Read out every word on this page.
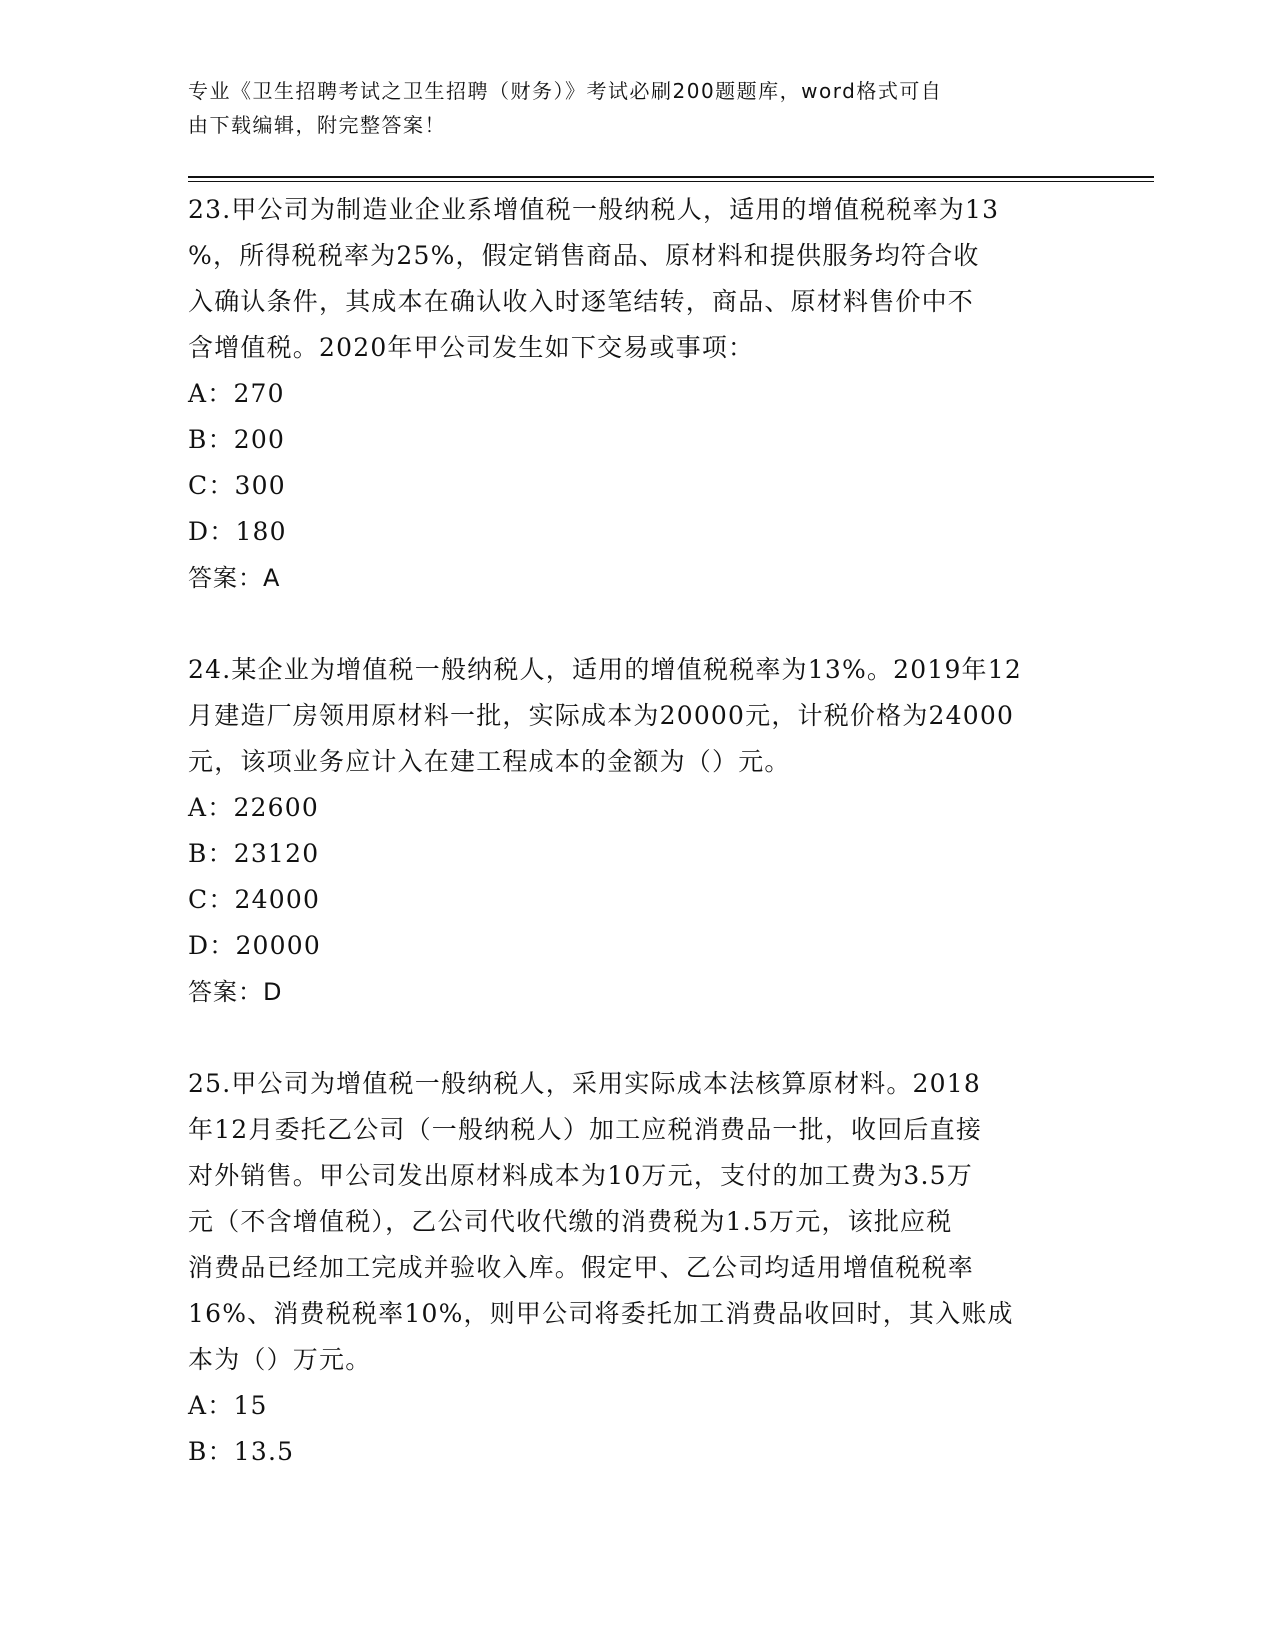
专业《卫生招聘考试之卫生招聘（财务）》考试必刷200题题库，word格式可自
由下载编辑，附完整答案！
23.甲公司为制造业企业系增值税一般纳税人，适用的增值税税率为13
%，所得税税率为25%，假定销售商品、原材料和提供服务均符合收
入确认条件，其成本在确认收入时逐笔结转，商品、原材料售价中不
含增值税。2020年甲公司发生如下交易或事项：
A：270
B：200
C：300
D：180
答案：A
24.某企业为增值税一般纳税人，适用的增值税税率为13%。2019年12
月建造厂房领用原材料一批，实际成本为20000元，计税价格为24000
元，该项业务应计入在建工程成本的金额为（）元。
A：22600
B：23120
C：24000
D：20000
答案：D
25.甲公司为增值税一般纳税人，采用实际成本法核算原材料。2018
年12月委托乙公司（一般纳税人）加工应税消费品一批，收回后直接
对外销售。甲公司发出原材料成本为10万元，支付的加工费为3.5万
元（不含增值税），乙公司代收代缴的消费税为1.5万元，该批应税
消费品已经加工完成并验收入库。假定甲、乙公司均适用增值税税率
16%、消费税税率10%，则甲公司将委托加工消费品收回时，其入账成
本为（）万元。
A：15
B：13.5
